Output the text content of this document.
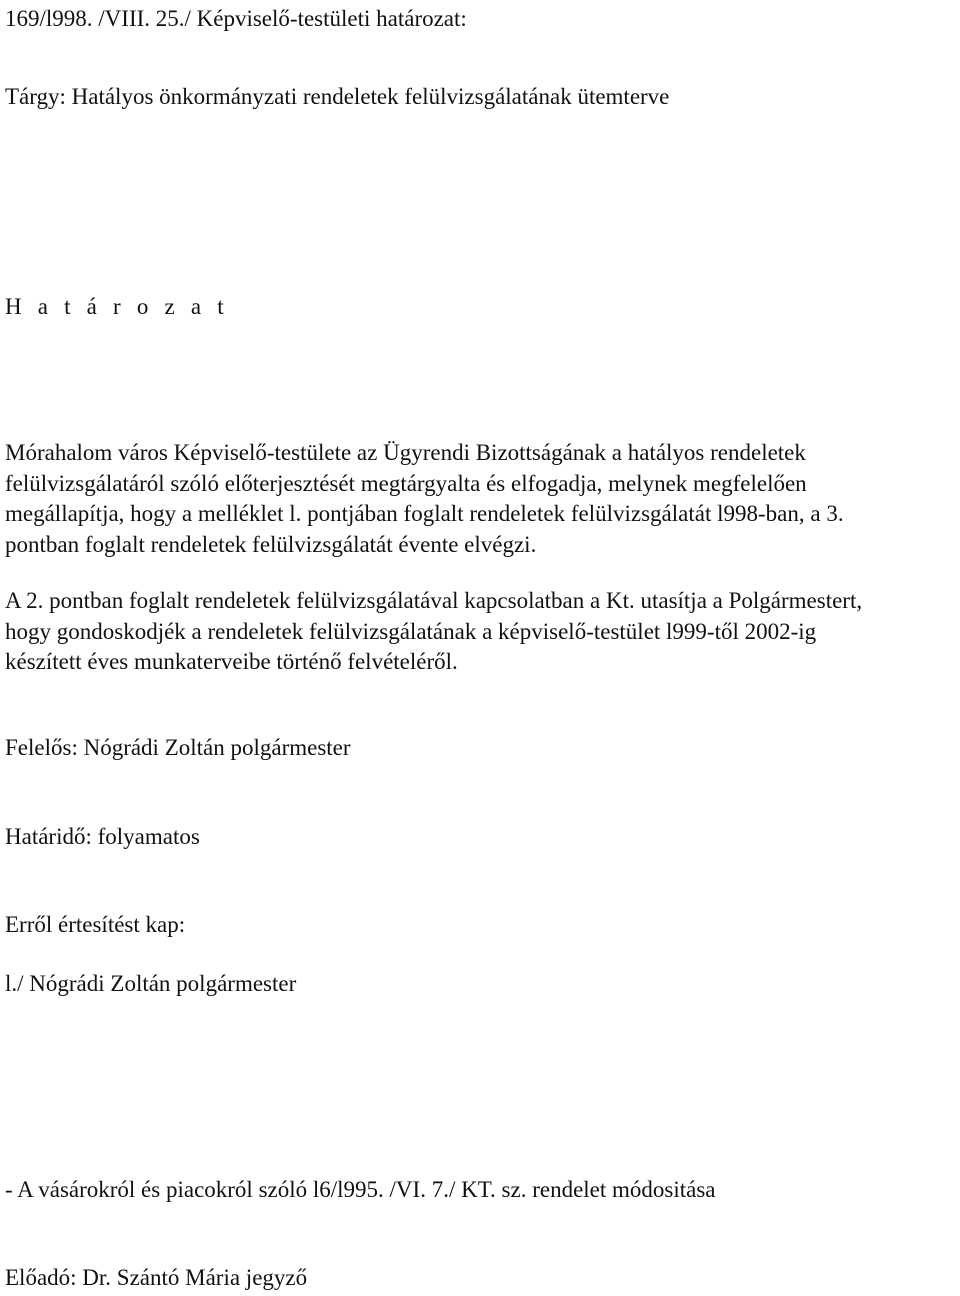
169/l998. /VIII. 25./ Képviselő-testületi határozat:
Tárgy: Hatályos önkormányzati rendeletek felülvizsgálatának ütemterve
H a t á r o z a t
Mórahalom város Képviselő-testülete az Ügyrendi Bizottságának a hatályos rendeletek
felülvizsgálatáról szóló előterjesztését megtárgyalta és elfogadja, melynek megfelelően
megállapítja, hogy a melléklet l. pontjában foglalt rendeletek felülvizsgálatát l998-ban, a 3.
pontban foglalt rendeletek felülvizsgálatát évente elvégzi.
A 2. pontban foglalt rendeletek felülvizsgálatával kapcsolatban a Kt. utasítja a Polgármestert,
hogy gondoskodjék a rendeletek felülvizsgálatának a képviselő-testület l999-től 2002-ig
készített éves munkaterveibe történő felvételéről.
Felelős: Nógrádi Zoltán polgármester
Határidő: folyamatos
Erről értesítést kap:
l./ Nógrádi Zoltán polgármester
- A vásárokról és piacokról szóló l6/l995. /VI. 7./ KT. sz. rendelet módositása
Előadó: Dr. Szántó Mária jegyző
